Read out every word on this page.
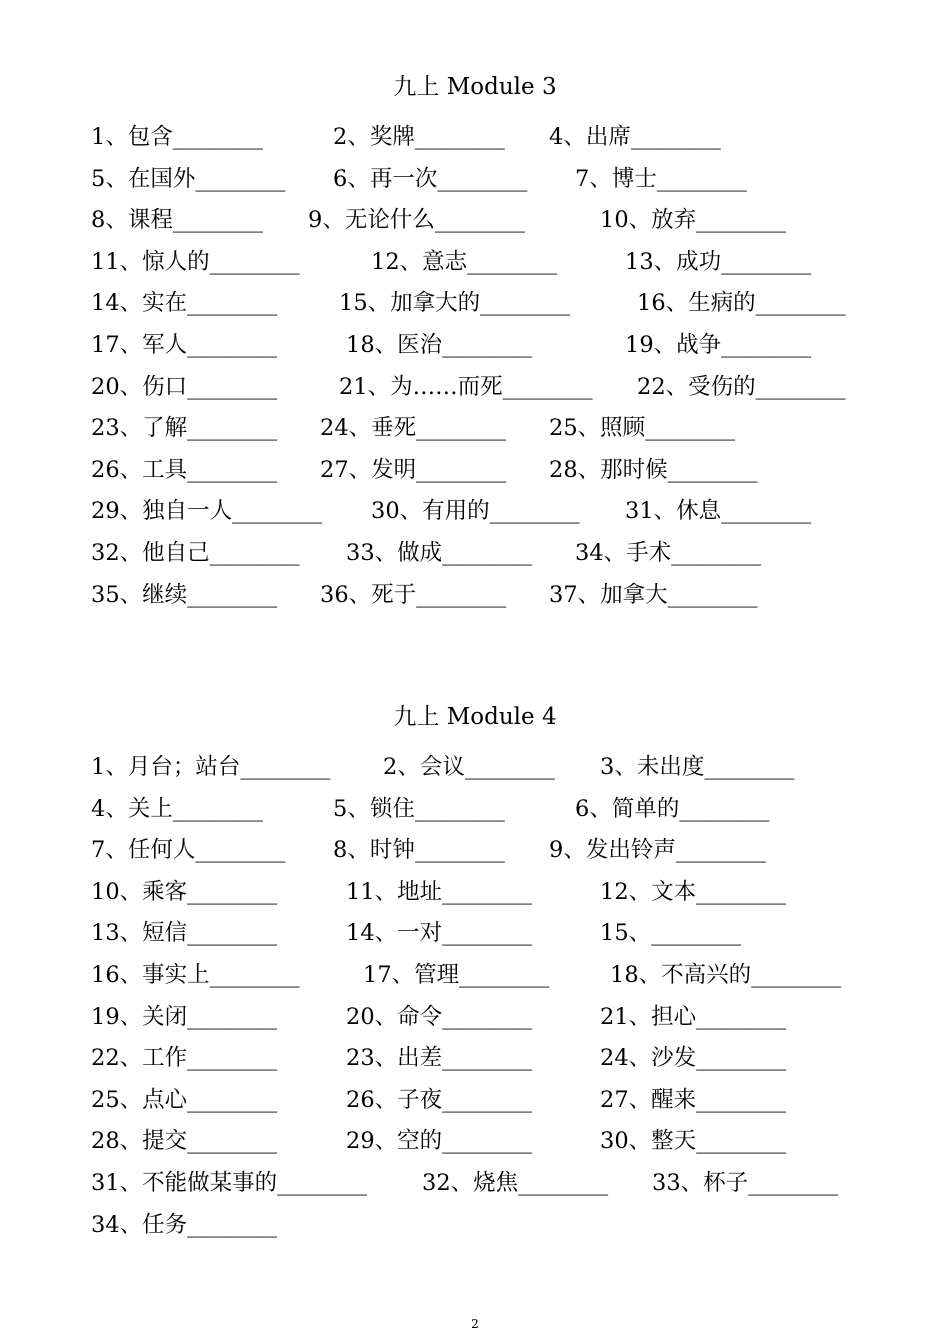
九上 Module 3
1、包含________	2、奖牌________ 4、出席________
5、在国外________ 6、再一次________ 7、博士________
8、课程________ 9、无论什么________	10、放弃________
11、惊人的________	12、意志________	13、成功________
14、实在________	15、加拿大的________	16、生病的________
17、军人________	18、医治________	19、战争________
20、伤口________	21、为……而死________ 22、受伤的________
23、了解________ 24、垂死________ 25、照顾________
26、工具________ 27、发明________ 28、那时候________
29、独自一人________ 30、有用的________ 31、休息________
32、他自己________ 33、做成________ 34、手术________
35、继续________ 36、死于________ 37、加拿大________
九上 Module 4
1、月台；站台________ 2、会议________ 3、未出度________
4、关上________	5、锁住________	6、简单的________
7、任何人________ 8、时钟________ 9、发出铃声________
10、乘客________	11、地址________	12、文本________
13、短信________	14、一对________	15、________
16、事实上________	17、管理________	18、不高兴的________
19、关闭________	20、命令________	21、担心________
22、工作________	23、出差________	24、沙发________
25、点心________	26、子夜________	27、醒来________
28、提交________	29、空的________	30、整天________
31、不能做某事的________ 32、烧焦________ 33、杯子________
34、任务________
2
